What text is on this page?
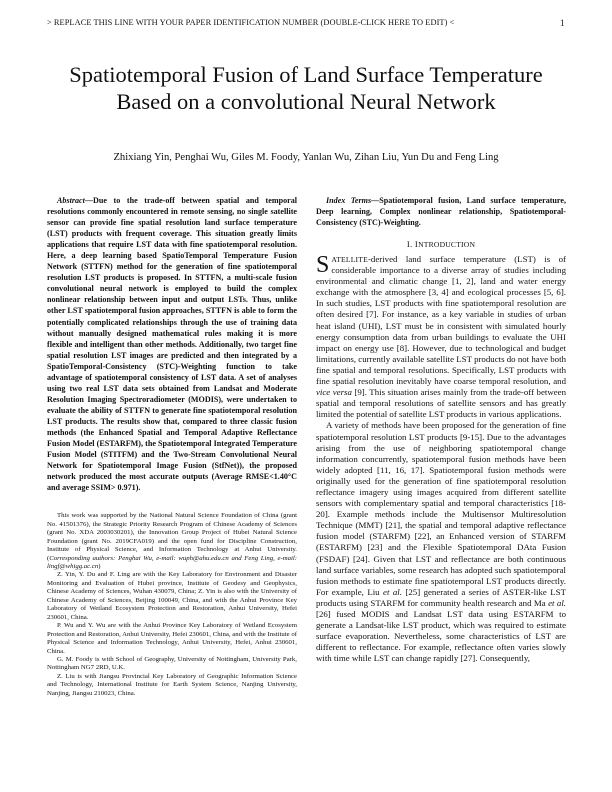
> REPLACE THIS LINE WITH YOUR PAPER IDENTIFICATION NUMBER (DOUBLE-CLICK HERE TO EDIT) <	1
Spatiotemporal Fusion of Land Surface Temperature Based on a convolutional Neural Network
Zhixiang Yin, Penghai Wu, Giles M. Foody, Yanlan Wu, Zihan Liu, Yun Du and Feng Ling

Abstract—Due to the trade-off between spatial and temporal resolutions commonly encountered in remote sensing, no single satellite sensor can provide fine spatial resolution land surface temperature (LST) products with frequent coverage. This situation greatly limits applications that require LST data with fine spatiotemporal resolution. Here, a deep learning based SpatioTemporal Temperature Fusion Network (STTFN) method for the generation of fine spatiotemporal resolution LST products is proposed. In STTFN, a multi-scale fusion convolutional neural network is employed to build the complex nonlinear relationship between input and output LSTs. Thus, unlike other LST spatiotemporal fusion approaches, STTFN is able to form the potentially complicated relationships through the use of training data without manually designed mathematical rules making it is more flexible and intelligent than other methods. Additionally, two target fine spatial resolution LST images are predicted and then integrated by a SpatioTemporal-Consistency (STC)-Weighting function to take advantage of spatiotemporal consistency of LST data. A set of analyses using two real LST data sets obtained from Landsat and Moderate Resolution Imaging Spectroradiometer (MODIS), were undertaken to evaluate the ability of STTFN to generate fine spatiotemporal resolution LST products. The results show that, compared to three classic fusion methods (the Enhanced Spatial and Temporal Adaptive Reflectance Fusion Model (ESTARFM), the Spatiotemporal Integrated Temperature Fusion Model (STITFM) and the Two-Stream Convolutional Neural Network for Spatiotemporal Image Fusion (StfNet)), the proposed network produced the most accurate outputs (Average RMSE<1.40°C and average SSIM> 0.971).

This work was supported by the National Natural Science Foundation of China (grant No. 41501376), the Strategic Priority Research Program of Chinese Academy of Sciences (grant No. XDA 2003030201), the Innovation Group Project of Hubei Natural Science Foundation (grant No. 2019CFA019) and the open fund for Discipline Construction, Institute of Physical Science, and Information Technology at Anhui University. (Corresponding authors: Penghai Wu, e-mail: wuph@ahu.edu.cn and Feng Ling, e-mail: lingf@whigg.ac.cn)

Z. Yin, Y. Du and F. Ling are with the Key Laboratory for Environment and Disaster Monitoring and Evaluation of Hubei province, Institute of Geodesy and Geophysics, Chinese Academy of Sciences, Wuhan 430079, China; Z. Yin is also with the University of Chinese Academy of Sciences, Beijing 100049, China, and with the Anhui Province Key Laboratory of Wetland Ecosystem Protection and Restoration, Anhui University, Hefei 230601, China.

P. Wu and Y. Wu are with the Anhui Province Key Laboratory of Wetland Ecosystem Protection and Restoration, Anhui University, Hefei 230601, China, and with the Institute of Physical Science and Information Technology, Anhui University, Hefei, Anhui 230601, China.

G. M. Foody is with School of Geography, University of Nottingham, University Park, Nottingham NG7 2RD, U.K.

Z. Liu is with Jiangsu Provincial Key Laboratory of Geographic Information Science and Technology, International Institute for Earth System Science, Nanjing University, Nanjing, Jiangsu 210023, China.

Index Terms—Spatiotemporal fusion, Land surface temperature, Deep learning, Complex nonlinear relationship, Spatiotemporal-Consistency (STC)-Weighting.

I. INTRODUCTION

SATELLITE-derived land surface temperature (LST) is of considerable importance to a diverse array of studies including environmental and climatic change [1, 2], land and water energy exchange with the atmosphere [3, 4] and ecological processes [5, 6]. In such studies, LST products with fine spatiotemporal resolution are often desired [7]. For instance, as a key variable in studies of urban heat island (UHI), LST must be in consistent with simulated hourly energy consumption data from urban buildings to evaluate the UHI impact on energy use [8]. However, due to technological and budget limitations, currently available satellite LST products do not have both fine spatial and temporal resolutions. Specifically, LST products with fine spatial resolution inevitably have coarse temporal resolution, and vice versa [9]. This situation arises mainly from the trade-off between spatial and temporal resolutions of satellite sensors and has greatly limited the potential of satellite LST products in various applications.

A variety of methods have been proposed for the generation of fine spatiotemporal resolution LST products [9-15]. Due to the advantages arising from the use of neighboring spatiotemporal change information concurrently, spatiotemporal fusion methods have been widely adopted [11, 16, 17]. Spatiotemporal fusion methods were originally used for the generation of fine spatiotemporal resolution reflectance imagery using images acquired from different satellite sensors with complementary spatial and temporal characteristics [18-20]. Example methods include the Multisensor Multiresolution Technique (MMT) [21], the spatial and temporal adaptive reflectance fusion model (STARFM) [22], an Enhanced version of STARFM (ESTARFM) [23] and the Flexible Spatiotemporal DAta Fusion (FSDAF) [24]. Given that LST and reflectance are both continuous land surface variables, some research has adopted such spatiotemporal fusion methods to estimate fine spatiotemporal LST products directly. For example, Liu et al. [25] generated a series of ASTER-like LST products using STARFM for community health research and Ma et al. [26] fused MODIS and Landsat LST data using ESTARFM to generate a Landsat-like LST product, which was required to estimate surface evaporation. Nevertheless, some characteristics of LST are different to reflectance. For example, reflectance often varies slowly with time while LST can change rapidly [27]. Consequently,
